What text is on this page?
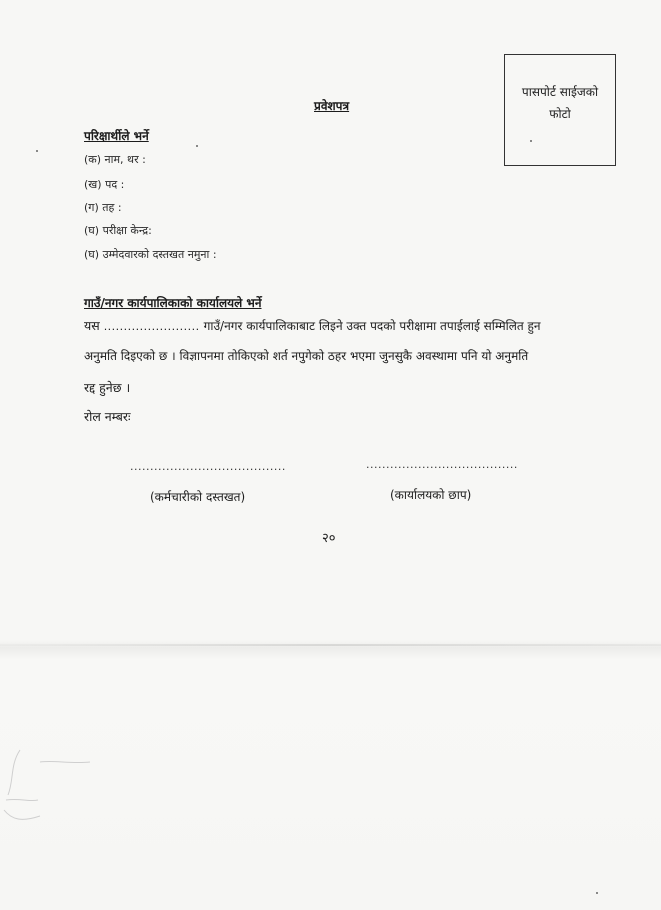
पासपोर्ट साईजको
फोटो
प्रवेशपत्र
परिक्षार्थीले भर्ने
(क) नाम, थर :
(ख) पद :
(ग) तह :
(घ) परीक्षा केन्द्र:
(घ) उम्मेदवारको दस्तखत नमुना :
गाउँ/नगर कार्यपालिकाको कार्यालयले भर्ने
यस ........................ गाउँ/नगर कार्यपालिकाबाट लिइने उक्त पदको परीक्षामा तपाईलाई सम्मिलित हुन
अनुमति दिइएको छ । विज्ञापनमा तोकिएको शर्त नपुगेको ठहर भएमा जुनसुकै अवस्थामा पनि यो अनुमति
रद्द हुनेछ ।
रोल नम्बरः
.......................................
(कर्मचारीको दस्तखत)
......................................
(कार्यालयको छाप)
२०
